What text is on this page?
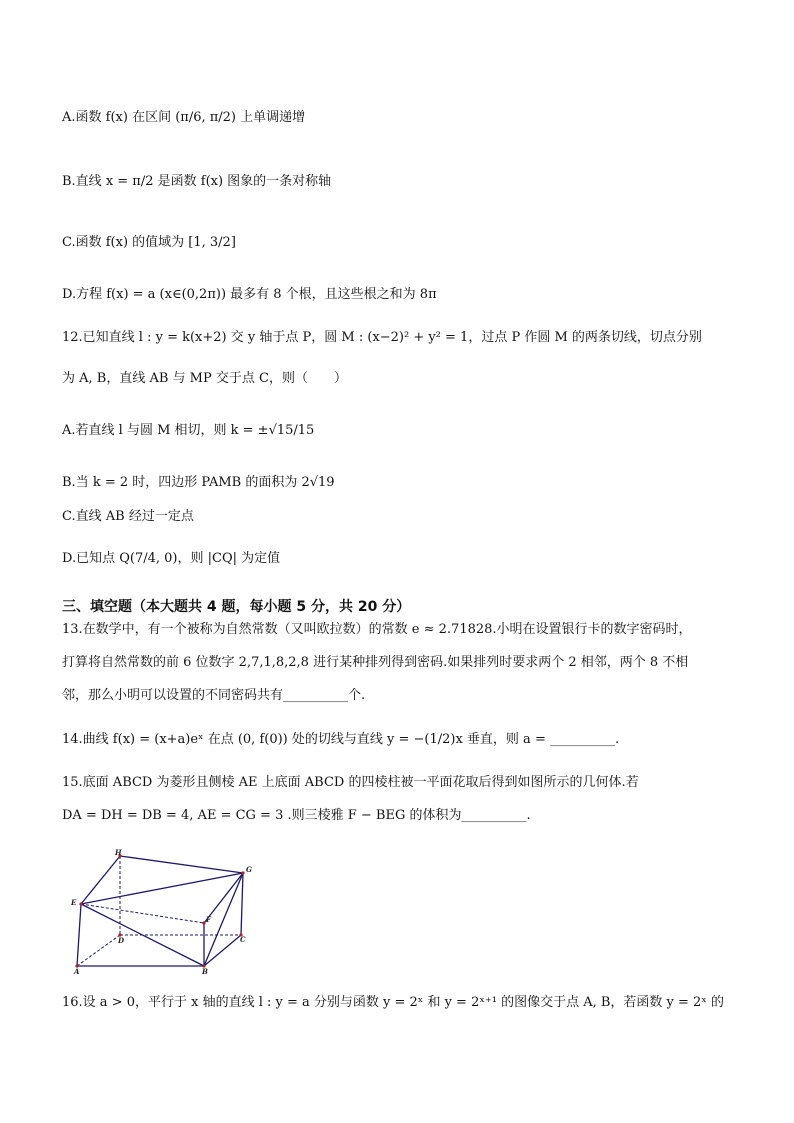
A.函数 f(x) 在区间 (π/6, π/2) 上单调递增
B.直线 x = π/2 是函数 f(x) 图象的一条对称轴
C.函数 f(x) 的值域为 [1, 3/2]
D.方程 f(x) = a (x∈(0,2π)) 最多有 8 个根，且这些根之和为 8π
12.已知直线 l : y = k(x+2) 交 y 轴于点 P，圆 M : (x−2)² + y² = 1，过点 P 作圆 M 的两条切线，切点分别
为 A, B，直线 AB 与 MP 交于点 C，则（　　）
A.若直线 l 与圆 M 相切，则 k = ±√15/15
B.当 k = 2 时，四边形 PAMB 的面积为 2√19
C.直线 AB 经过一定点
D.已知点 Q(7/4, 0)，则 |CQ| 为定值
三、填空题（本大题共 4 题，每小题 5 分，共 20 分）
13.在数学中，有一个被称为自然常数（又叫欧拉数）的常数 e ≈ 2.71828.小明在设置银行卡的数字密码时，
打算将自然常数的前 6 位数字 2,7,1,8,2,8 进行某种排列得到密码.如果排列时要求两个 2 相邻，两个 8 不相
邻，那么小明可以设置的不同密码共有__________个.
14.曲线 f(x) = (x+a)eˣ 在点 (0, f(0)) 处的切线与直线 y = −(1/2)x 垂直，则 a = __________.
15.底面 ABCD 为菱形且侧棱 AE 上底面 ABCD 的四棱柱被一平面花取后得到如图所示的几何体.若
DA = DH = DB = 4, AE = CG = 3 .则三棱雅 F − BEG 的体积为__________.
H
G
E
F
D	C
A	B
16.设 a > 0，平行于 x 轴的直线 l : y = a 分别与函数 y = 2ˣ 和 y = 2ˣ⁺¹ 的图像交于点 A, B，若函数 y = 2ˣ 的
